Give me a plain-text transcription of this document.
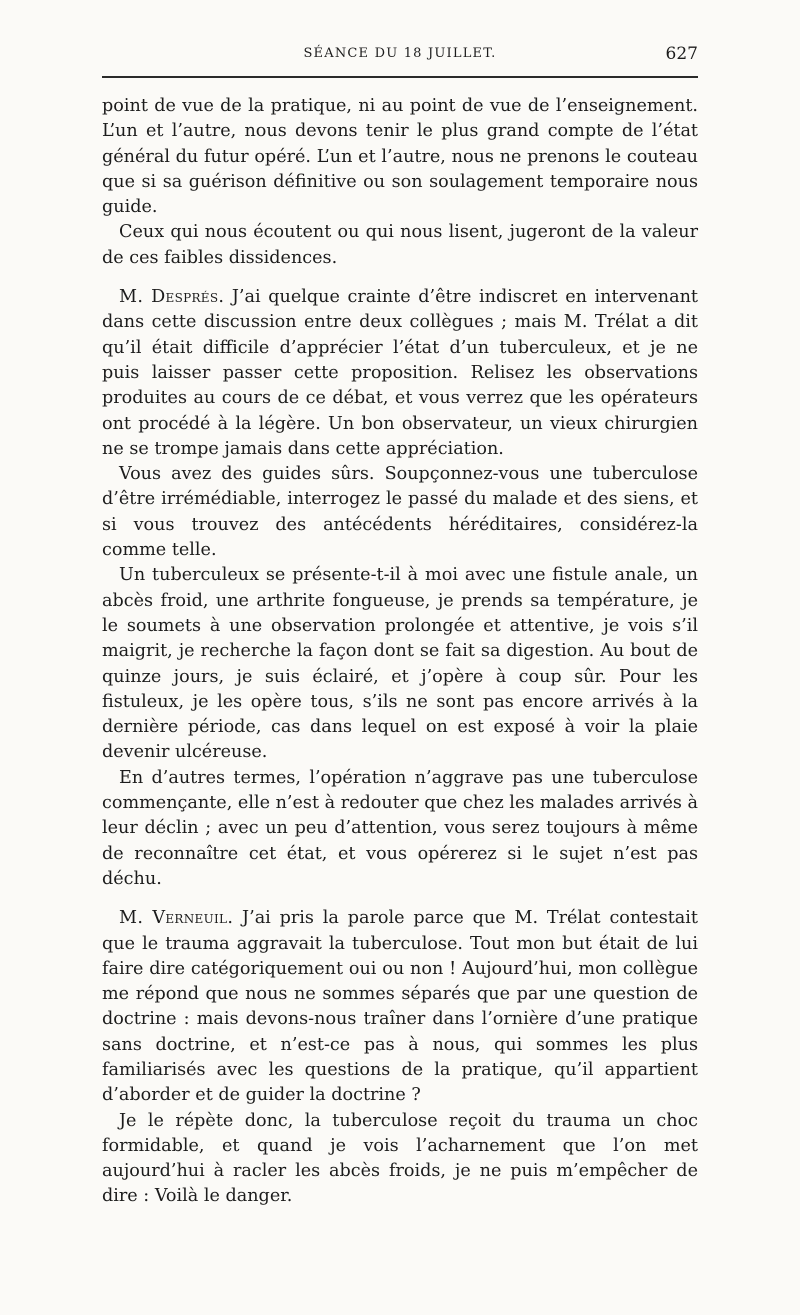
SÉANCE DU 18 JUILLET.	627

point de vue de la pratique, ni au point de vue de l’enseignement. L’un et l’autre, nous devons tenir le plus grand compte de l’état général du futur opéré. L’un et l’autre, nous ne prenons le couteau que si sa guérison définitive ou son soulagement temporaire nous guide.

Ceux qui nous écoutent ou qui nous lisent, jugeront de la valeur de ces faibles dissidences.

M. Després. J’ai quelque crainte d’être indiscret en intervenant dans cette discussion entre deux collègues ; mais M. Trélat a dit qu’il était difficile d’apprécier l’état d’un tuberculeux, et je ne puis laisser passer cette proposition. Relisez les observations produites au cours de ce débat, et vous verrez que les opérateurs ont procédé à la légère. Un bon observateur, un vieux chirurgien ne se trompe jamais dans cette appréciation.

Vous avez des guides sûrs. Soupçonnez-vous une tuberculose d’être irrémédiable, interrogez le passé du malade et des siens, et si vous trouvez des antécédents héréditaires, considérez-la comme telle.

Un tuberculeux se présente-t-il à moi avec une fistule anale, un abcès froid, une arthrite fongueuse, je prends sa température, je le soumets à une observation prolongée et attentive, je vois s’il maigrit, je recherche la façon dont se fait sa digestion. Au bout de quinze jours, je suis éclairé, et j’opère à coup sûr. Pour les fistuleux, je les opère tous, s’ils ne sont pas encore arrivés à la dernière période, cas dans lequel on est exposé à voir la plaie devenir ulcéreuse.

En d’autres termes, l’opération n’aggrave pas une tuberculose commençante, elle n’est à redouter que chez les malades arrivés à leur déclin ; avec un peu d’attention, vous serez toujours à même de reconnaître cet état, et vous opérerez si le sujet n’est pas déchu.

M. Verneuil. J’ai pris la parole parce que M. Trélat contestait que le trauma aggravait la tuberculose. Tout mon but était de lui faire dire catégoriquement oui ou non ! Aujourd’hui, mon collègue me répond que nous ne sommes séparés que par une question de doctrine : mais devons-nous traîner dans l’ornière d’une pratique sans doctrine, et n’est-ce pas à nous, qui sommes les plus familiarisés avec les questions de la pratique, qu’il appartient d’aborder et de guider la doctrine ?

Je le répète donc, la tuberculose reçoit du trauma un choc formidable, et quand je vois l’acharnement que l’on met aujourd’hui à racler les abcès froids, je ne puis m’empêcher de dire : Voilà le danger.
